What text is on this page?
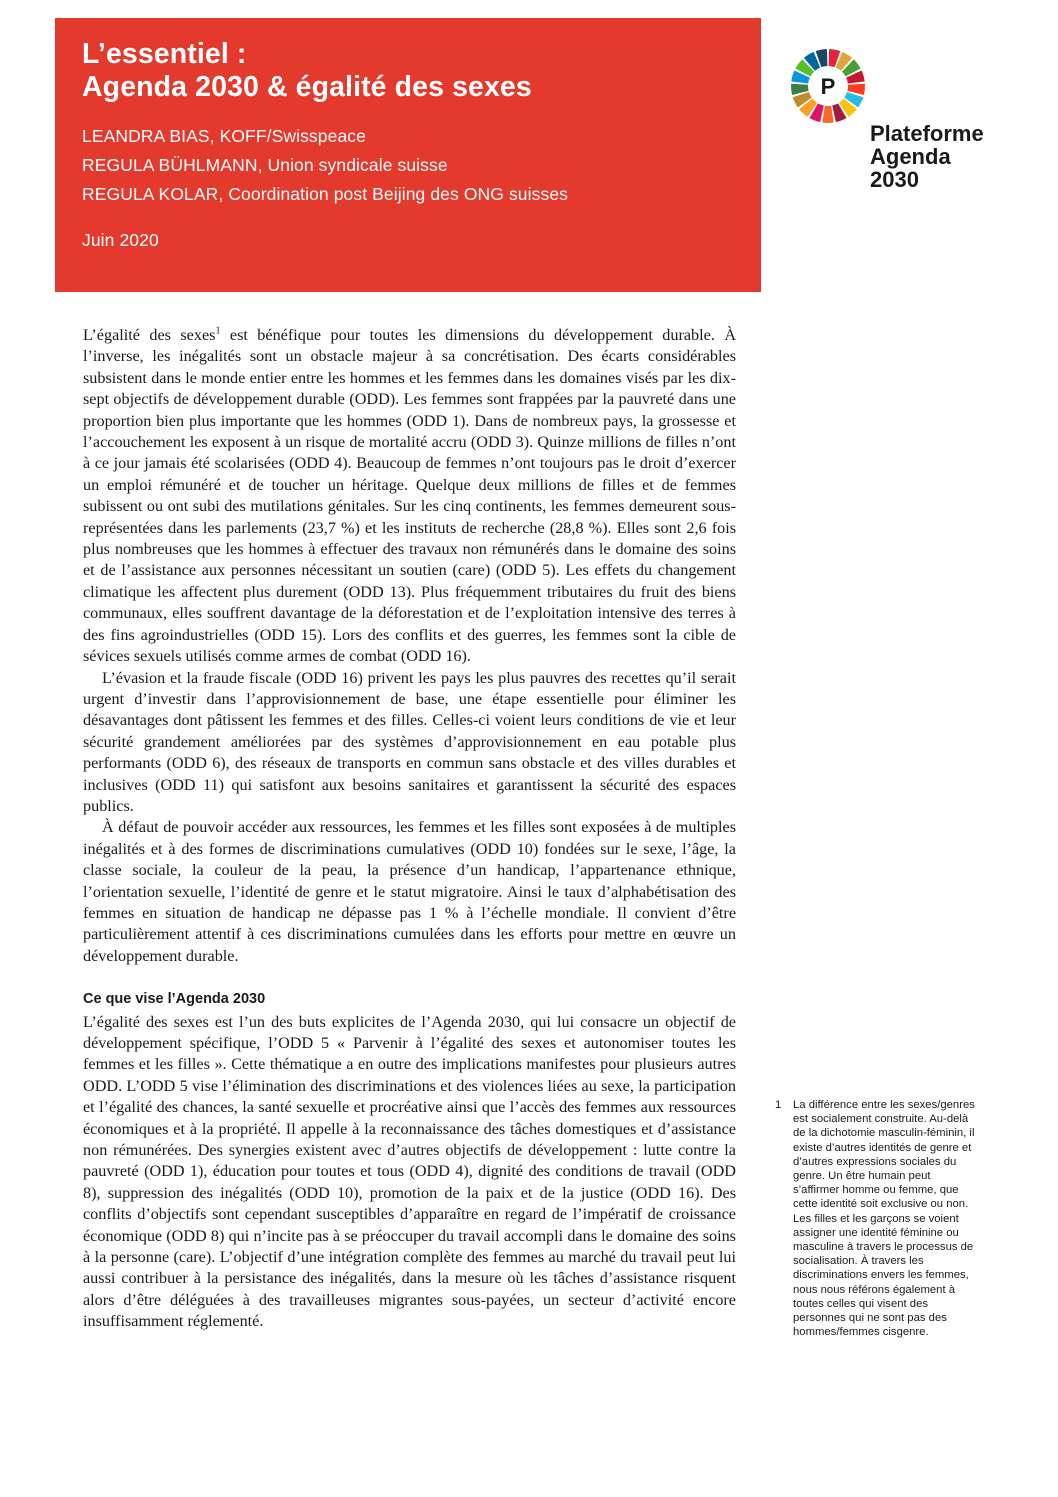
L’essentiel :
Agenda 2030 & égalité des sexes
LEANDRA BIAS, KOFF/Swisspeace
REGULA BÜHLMANN, Union syndicale suisse
REGULA KOLAR, Coordination post Beijing des ONG suisses
Juin 2020
P
Plateforme
Agenda
2030

L’égalité des sexes$^1$ est bénéfique pour toutes les dimensions du développement durable. À l’inverse, les inégalités sont un obstacle majeur à sa concrétisation. Des écarts considérables subsistent dans le monde entier entre les hommes et les femmes dans les domaines visés par les dix-sept objectifs de développement durable (ODD). Les femmes sont frappées par la pauvreté dans une proportion bien plus importante que les hommes (ODD 1). Dans de nombreux pays, la grossesse et l’accouchement les exposent à un risque de mortalité accru (ODD 3). Quinze millions de filles n’ont à ce jour jamais été scolarisées (ODD 4). Beaucoup de femmes n’ont toujours pas le droit d’exercer un emploi rémunéré et de toucher un héritage. Quelque deux millions de filles et de femmes subissent ou ont subi des mutilations génitales. Sur les cinq continents, les femmes demeurent sous-représentées dans les parlements (23,7 %) et les instituts de recherche (28,8 %). Elles sont 2,6 fois plus nombreuses que les hommes à effectuer des travaux non rémunérés dans le domaine des soins et de l’assistance aux personnes nécessitant un soutien (care) (ODD 5). Les effets du changement climatique les affectent plus durement (ODD 13). Plus fréquemment tributaires du fruit des biens communaux, elles souffrent davantage de la déforestation et de l’exploitation intensive des terres à des fins agroindustrielles (ODD 15). Lors des conflits et des guerres, les femmes sont la cible de sévices sexuels utilisés comme armes de combat (ODD 16).

L’évasion et la fraude fiscale (ODD 16) privent les pays les plus pauvres des recettes qu’il serait urgent d’investir dans l’approvisionnement de base, une étape essentielle pour éliminer les désavantages dont pâtissent les femmes et des filles. Celles-ci voient leurs conditions de vie et leur sécurité grandement améliorées par des systèmes d’approvisionnement en eau potable plus performants (ODD 6), des réseaux de transports en commun sans obstacle et des villes durables et inclusives (ODD 11) qui satisfont aux besoins sanitaires et garantissent la sécurité des espaces publics.

À défaut de pouvoir accéder aux ressources, les femmes et les filles sont exposées à de multiples inégalités et à des formes de discriminations cumulatives (ODD 10) fondées sur le sexe, l’âge, la classe sociale, la couleur de la peau, la présence d’un handicap, l’appartenance ethnique, l’orientation sexuelle, l’identité de genre et le statut migratoire. Ainsi le taux d’alphabétisation des femmes en situation de handicap ne dépasse pas 1 % à l’échelle mondiale. Il convient d’être particulièrement attentif à ces discriminations cumulées dans les efforts pour mettre en œuvre un développement durable.

Ce que vise l’Agenda 2030

L’égalité des sexes est l’un des buts explicites de l’Agenda 2030, qui lui consacre un objectif de développement spécifique, l’ODD 5 « Parvenir à l’égalité des sexes et autonomiser toutes les femmes et les filles ». Cette thématique a en outre des implications manifestes pour plusieurs autres ODD. L’ODD 5 vise l’élimination des discriminations et des violences liées au sexe, la participation et l’égalité des chances, la santé sexuelle et procréative ainsi que l’accès des femmes aux ressources économiques et à la propriété. Il appelle à la reconnaissance des tâches domestiques et d’assistance non rémunérées. Des synergies existent avec d’autres objectifs de développement : lutte contre la pauvreté (ODD 1), éducation pour toutes et tous (ODD 4), dignité des conditions de travail (ODD 8), suppression des inégalités (ODD 10), promotion de la paix et de la justice (ODD 16). Des conflits d’objectifs sont cependant susceptibles d’apparaître en regard de l’impératif de croissance économique (ODD 8) qui n’incite pas à se préoccuper du travail accompli dans le domaine des soins à la personne (care). L’objectif d’une intégration complète des femmes au marché du travail peut lui aussi contribuer à la persistance des inégalités, dans la mesure où les tâches d’assistance risquent alors d’être déléguées à des travailleuses migrantes sous-payées, un secteur d’activité encore insuffisamment réglementé.

1 La différence entre les sexes/genres est socialement construite. Au-delà de la dichotomie masculin-féminin, il existe d’autres identités de genre et d’autres expressions sociales du genre. Un être humain peut s’affirmer homme ou femme, que cette identité soit exclusive ou non. Les filles et les garçons se voient assigner une identité féminine ou masculine à travers le processus de socialisation. À travers les discriminations envers les femmes, nous nous référons également à toutes celles qui visent des personnes qui ne sont pas des hommes/femmes cisgenre.
